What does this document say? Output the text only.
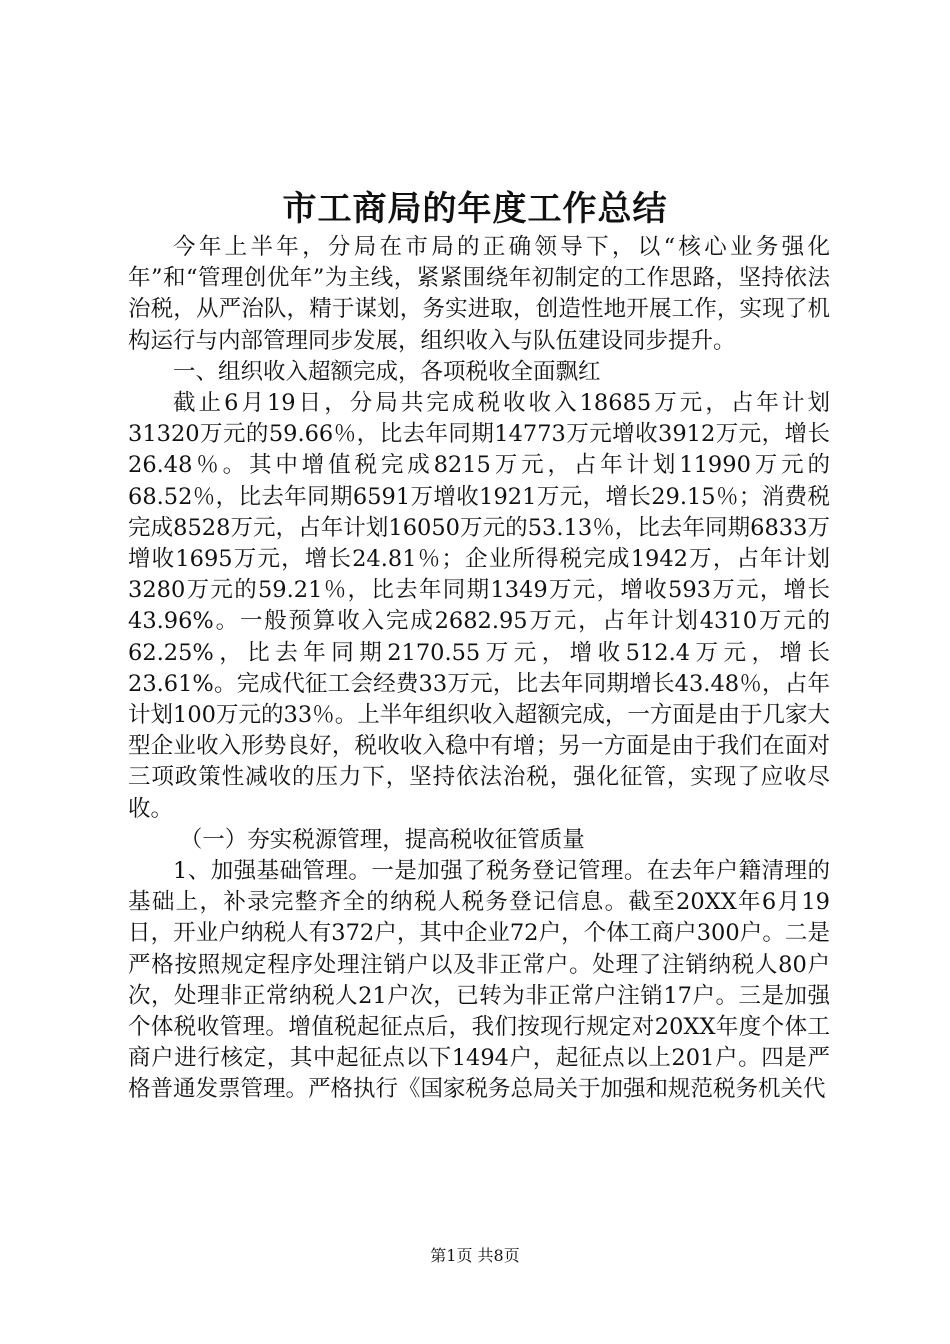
市工商局的年度工作总结

今年上半年，分局在市局的正确领导下，以“核心业务强化年”和“管理创优年”为主线，紧紧围绕年初制定的工作思路，坚持依法治税，从严治队，精于谋划，务实进取，创造性地开展工作，实现了机构运行与内部管理同步发展，组织收入与队伍建设同步提升。

一、组织收入超额完成，各项税收全面飘红

截止6月19日，分局共完成税收收入18685万元，占年计划31320万元的59.66％，比去年同期14773万元增收3912万元，增长26.48％。其中增值税完成8215万元，占年计划11990万元的68.52％，比去年同期6591万增收1921万元，增长29.15％；消费税完成8528万元，占年计划16050万元的53.13％，比去年同期6833万增收1695万元，增长24.81％；企业所得税完成1942万，占年计划3280万元的59.21％，比去年同期1349万元，增收593万元，增长43.96%。一般预算收入完成2682.95万元，占年计划4310万元的62.25%，比去年同期2170.55万元，增收512.4万元，增长23.61%。完成代征工会经费33万元，比去年同期增长43.48％，占年计划100万元的33％。上半年组织收入超额完成，一方面是由于几家大型企业收入形势良好，税收收入稳中有增；另一方面是由于我们在面对三项政策性减收的压力下，坚持依法治税，强化征管，实现了应收尽收。

（一）夯实税源管理，提高税收征管质量

1、加强基础管理。一是加强了税务登记管理。在去年户籍清理的基础上，补录完整齐全的纳税人税务登记信息。截至20XX年6月19日，开业户纳税人有372户，其中企业72户，个体工商户300户。二是严格按照规定程序处理注销户以及非正常户。处理了注销纳税人80户次，处理非正常纳税人21户次，已转为非正常户注销17户。三是加强个体税收管理。增值税起征点后，我们按现行规定对20XX年度个体工商户进行核定，其中起征点以下1494户，起征点以上201户。四是严格普通发票管理。严格执行《国家税务总局关于加强和规范税务机关代

第1页 共8页
